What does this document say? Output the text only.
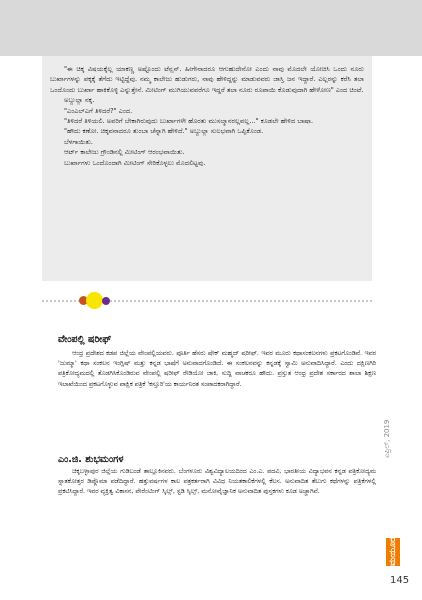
"ಈ ಚಿಕ್ಕ ವಿಷಯಕ್ಕೆಲ್ಲ ಯಾಕಣ್ಣ ಅಷ್ಟೊಂದು ಟೆನ್ಷನ್. ಹೀಗೇನಾದರೂ ಆಗುಹುದೇನೋ ಎಂದು ನಾವು ಮೊದಲೇ ಯೋಚಿಸಿ ಒಂದು ನೂರು ಬುರ್ಖಾಗಳನ್ನು ಪಕ್ಕಕ್ಕೆ ತೆಗೆದು ಇಟ್ಟಿದ್ದೆವು. ನಮ್ಮ ಕಾಲೇಜು ಹುಡುಗರು, ನಾವು ಹೇಳಿದ್ದನ್ನು ಮಾಡುವವರು ಜಾಸ್ತಿ ಜನ ಇದ್ದಾರೆ. ಎಲ್ಲರನ್ನು ಕರೆಸಿ ತಲಾ ಒಂದೊಂದು ಬುರ್ಖಾ ಹಾಕಿಕೊಳ್ಳಿ ಎನ್ನುತ್ತೇನೆ. ಮೀಟಿಂಗ್ ಮುಗಿಯುವವರೆಗೂ ಇದ್ದರೆ ತಲಾ ನೂರು ರೂಪಾಯಿ ಕೊಡುವುದಾಗಿ ಹೇಳೋಣ" ಎಂದ ಚಿಂಟೆ.

ಅಬ್ದುಲ್ಲಾ ನಕ್ಕ.

"ಎಂಎಲ್ಎಗೆ ತಿಳಿದರೆ?" ಎಂದ.

"ತಿಳಿದರೆ ತಿಳಿಯಲಿ. ಅವರಿಗೆ ಬೇಕಾಗಿರುವುದು ಬುರ್ಖಾಗಳೇ ಹೊರತು ಮುಸಲ್ಮಾನರಲ್ಲವಲ್ಲ..." ಕೂಡಲೇ ಹೇಳಿದ ಬಾಷಾ.

"ಹೌದು ಕಣೋ. ಚಿಕ್ಕವನಾದರೂ ತುಂಬಾ ಚೆನ್ನಾಗಿ ಹೇಳಿದೆ." ಅಬ್ದುಲ್ಲಾ ಸುಲಭವಾಗಿ ಒಪ್ಪಿಕೊಂಡ.

ಬೆಳಗಾಯಿತು.

ಆರ್ಟ್ ಕಾಲೇಜು ಗ್ರೌಂಡಿನಲ್ಲಿ ಮೀಟಿಂಗ್ ಆರಂಭವಾಯಿತು.

ಬುರ್ಖಾಗಳು ಒಂದೊಂದಾಗಿ ಮೀಟಿಂಗ್ ಸೇರಿಕೊಳ್ಳಲು ಮೊದಲಿಟ್ಟವು.

ವೇಂಪಲ್ಲಿ ಷರೀಫ್

ಆಂಧ್ರ ಪ್ರದೇಶದ ಕಡಪ ಜಿಲ್ಲೆಯ ವೇಂಪಲ್ಲಿಯವರು. ಪೂರ್ತಿ ಹೆಸರು ಷೇಕ್ ಮಹ್ಮದ್ ಷರೀಫ್. ಇವರ ಮೂರು ಕಥಾಸಂಕಲನಗಳು ಪ್ರಕಟಗೊಂಡಿವೆ. ಇವರ 'ಜುಮ್ಮಾ' ಕಥಾ ಸಂಕಲನ ಇಂಗ್ಲಿಷ್ ಮತ್ತು ಕನ್ನಡ ಭಾಷೆಗೆ ಅನುವಾದಗೊಂಡಿದೆ. ಈ ಸಂಕಲನವನ್ನು ಕನ್ನಡಕ್ಕೆ ಸ್ವಾಮಿ ಅನುವಾದಿಸಿದ್ದಾರೆ. ಎಂದು ದಕ್ಷಿಣಗಿರಿ ಪತ್ರಿಕೋದ್ಯಮದಲ್ಲಿ ತೊಡಗಿಸಿಕೊಂಡಿರುವ ವೇಂಪಲ್ಲಿ ಷರೀಫ್ ರೇಡಿಯೋ ಜಾಕಿ, ಸುದ್ದಿ ವಾಚಕರೂ ಹೌದು. ಪ್ರಸ್ತುತ ಆಂಧ್ರ ಪ್ರದೇಶ ಸರ್ಕಾರದ ಶಾಲಾ ಶಿಕ್ಷಣ ಇಲಾಖೆಯಿಂದ ಪ್ರಕಟಗೊಳ್ಳುವ ಪಾಕ್ಷಿಕ ಪತ್ರಿಕೆ 'ಕಸ್ತೂರಿ'ಯ ಕಾರ್ಯನಿರತ ಸಂಪಾದಕರಾಗಿದ್ದಾರೆ.

ಎಂ.ಜಿ. ಶುಭಮಂಗಳ

ಚಿಕ್ಕಬಳ್ಳಾಪುರ ಜಿಲ್ಲೆಯ ಗುಡಿಬಂಡೆ ತಾಲ್ಲೂಕಿನವರು. ಬೆಂಗಳೂರು ವಿಶ್ವವಿದ್ಯಾಲಯದಿಂದ ಎಂ.ಎ. ಪದವಿ, ಭಾರತೀಯ ವಿದ್ಯಾಭವನ ಕನ್ನಡ ಪತ್ರಿಕೋದ್ಯಮ ಸ್ನಾತಕೋತ್ತರ ಡಿಪ್ಲೊಮಾ ಪಡೆದಿದ್ದಾರೆ. ಹತ್ತುವರ್ಷಗಳ ಕಾಲ ಪತ್ರಕರ್ತರಾಗಿ ವಿವಿಧ ನಿಯತಕಾಲಿಕೆಗಳಲ್ಲಿ ಕೆಲಸ. ಅನುವಾದಿತ ತೆಲುಗು ಕಥೆಗಳನ್ನು ಪತ್ರಿಕೆಗಳಲ್ಲಿ ಪ್ರಕಟಿಸಿದ್ದಾರೆ. ಇವರ ವ್ಯಕ್ತಿತ್ವ ವಿಕಾಸನ, ಪೇರೆಂಟಿಂಗ್ ಸ್ಕಿಲ್ಸ್, ಸ್ಟಡಿ ಸ್ಕಿಲ್ಸ್, ಮನೋವೈಜ್ಞಾನಿಕ ಅನುವಾದಿತ ಪುಸ್ತಕಗಳು ಕೂಡ ಅಚ್ಚಾಗಿವೆ.

ಏಪ್ರಿಲ್, 2019
ಮಯೂರ
145
